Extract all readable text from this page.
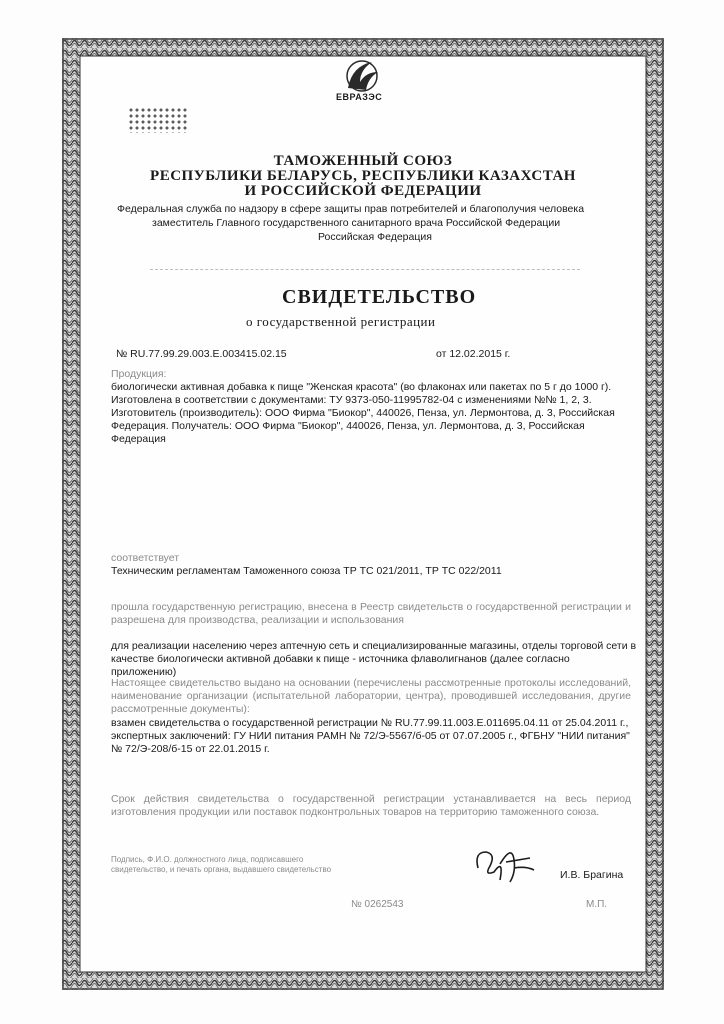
ЕВРАЗЭС
ТАМОЖЕННЫЙ СОЮЗ
РЕСПУБЛИКИ БЕЛАРУСЬ, РЕСПУБЛИКИ КАЗАХСТАН
И РОССИЙСКОЙ ФЕДЕРАЦИИ
Федеральная служба по надзору в сфере защиты прав потребителей и благополучия человека
заместитель Главного государственного санитарного врача Российской Федерации
Российская Федерация
СВИДЕТЕЛЬСТВО
о государственной регистрации
№ RU.77.99.29.003.E.003415.02.15	от 12.02.2015 г.
Продукция:
биологически активная добавка к пище "Женская красота" (во флаконах или пакетах по 5 г до 1000 г). Изготовлена в соответствии с документами: ТУ 9373-050-11995782-04 с изменениями №№ 1, 2, 3. Изготовитель (производитель): ООО Фирма "Биокор", 440026, Пенза, ул. Лермонтова, д. 3, Российская Федерация. Получатель: ООО Фирма "Биокор", 440026, Пенза, ул. Лермонтова, д. 3, Российская Федерация
соответствует
Техническим регламентам Таможенного союза ТР ТС 021/2011, ТР ТС 022/2011
прошла государственную регистрацию, внесена в Реестр свидетельств о государственной регистрации и разрешена для производства, реализации и использования
для реализации населению через аптечную сеть и специализированные магазины, отделы торговой сети в качестве биологически активной добавки к пище - источника флаволигнанов (далее согласно приложению)
Настоящее свидетельство выдано на основании (перечислены рассмотренные протоколы исследований, наименование организации (испытательной лаборатории, центра), проводившей исследования, другие рассмотренные документы):
взамен свидетельства о государственной регистрации № RU.77.99.11.003.E.011695.04.11 от 25.04.2011 г., экспертных заключений: ГУ НИИ питания РАМН № 72/Э-5567/б-05 от 07.07.2005 г., ФГБНУ "НИИ питания" № 72/Э-208/б-15 от 22.01.2015 г.
Срок действия свидетельства о государственной регистрации устанавливается на весь период изготовления продукции или поставок подконтрольных товаров на территорию таможенного союза.
Подпись, Ф.И.О. должностного лица, подписавшего свидетельство, и печать органа, выдавшего свидетельство	И.В. Брагина
№ 0262543	М.П.
